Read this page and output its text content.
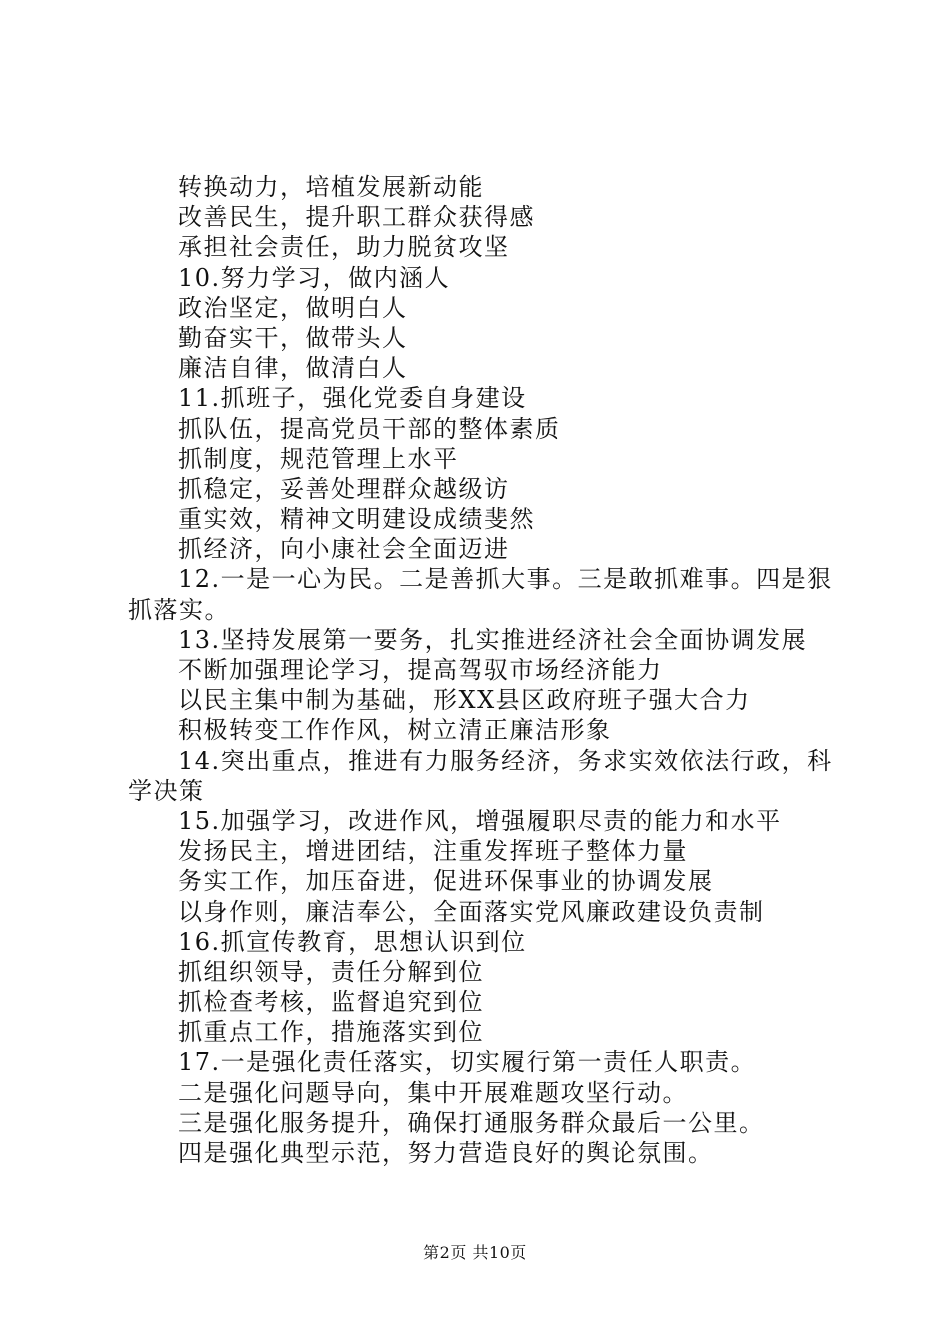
转换动力，培植发展新动能
改善民生，提升职工群众获得感
承担社会责任，助力脱贫攻坚
10.努力学习，做内涵人
政治坚定，做明白人
勤奋实干，做带头人
廉洁自律，做清白人
11.抓班子，强化党委自身建设
抓队伍，提高党员干部的整体素质
抓制度，规范管理上水平
抓稳定，妥善处理群众越级访
重实效，精神文明建设成绩斐然
抓经济，向小康社会全面迈进
12.一是一心为民。二是善抓大事。三是敢抓难事。四是狠
抓落实。
13.坚持发展第一要务，扎实推进经济社会全面协调发展
不断加强理论学习，提高驾驭市场经济能力
以民主集中制为基础，形XX县区政府班子强大合力
积极转变工作作风，树立清正廉洁形象
14.突出重点，推进有力服务经济，务求实效依法行政，科
学决策
15.加强学习，改进作风，增强履职尽责的能力和水平
发扬民主，增进团结，注重发挥班子整体力量
务实工作，加压奋进，促进环保事业的协调发展
以身作则，廉洁奉公，全面落实党风廉政建设负责制
16.抓宣传教育，思想认识到位
抓组织领导，责任分解到位
抓检查考核，监督追究到位
抓重点工作，措施落实到位
17.一是强化责任落实，切实履行第一责任人职责。
二是强化问题导向，集中开展难题攻坚行动。
三是强化服务提升，确保打通服务群众最后一公里。
四是强化典型示范，努力营造良好的舆论氛围。
第2页 共10页
